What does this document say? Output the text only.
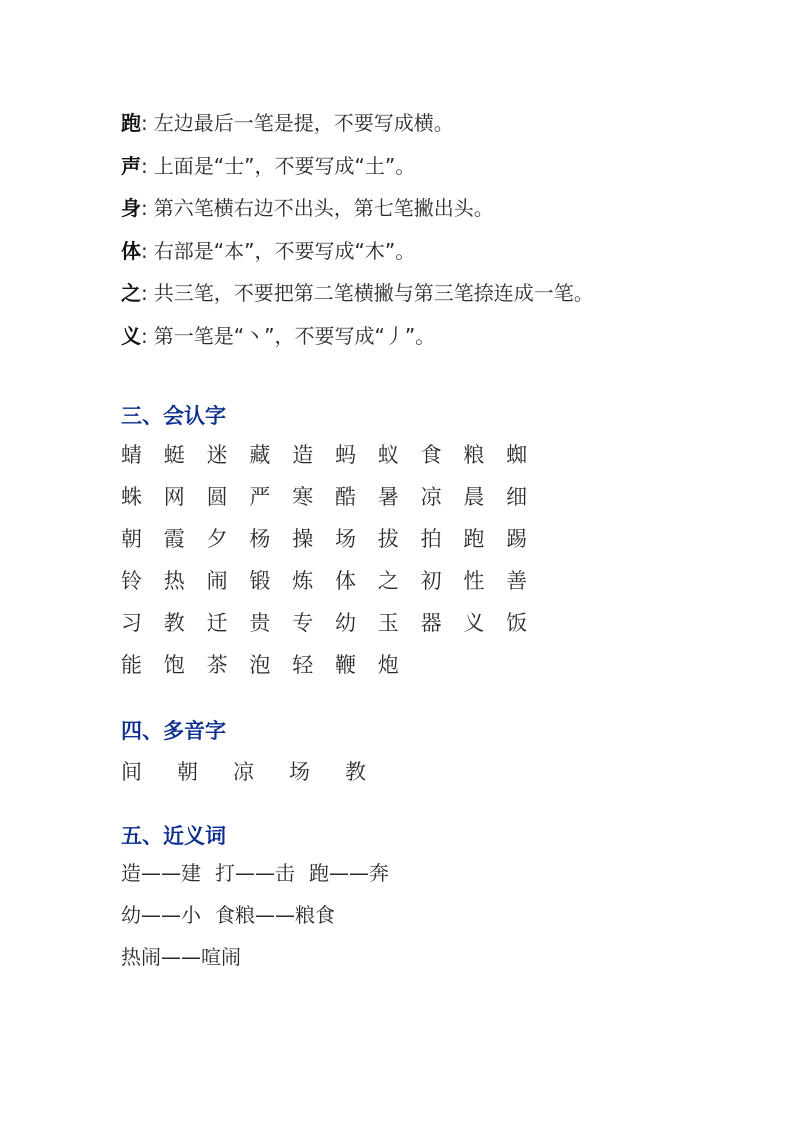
跑: 左边最后一笔是提，不要写成横。
声: 上面是“士”，不要写成“土”。
身: 第六笔横右边不出头，第七笔撇出头。
体: 右部是“本”，不要写成“木”。
之: 共三笔，不要把第二笔横撇与第三笔捺连成一笔。
义: 第一笔是“丶”，不要写成“丿”。
三、会认字
蜻 蜓 迷 藏 造 蚂 蚁 食 粮 蜘
蛛 网 圆 严 寒 酷 暑 凉 晨 细
朝 霞 夕 杨 操 场 拔 拍 跑 踢
铃 热 闹 锻 炼 体 之 初 性 善
习 教 迁 贵 专 幼 玉 器 义 饭
能 饱 茶 泡 轻 鞭 炮
四、多音字
间 朝 凉 场 教
五、近义词
造——建 打——击 跑——奔
幼——小 食粮——粮食
热闹——喧闹
